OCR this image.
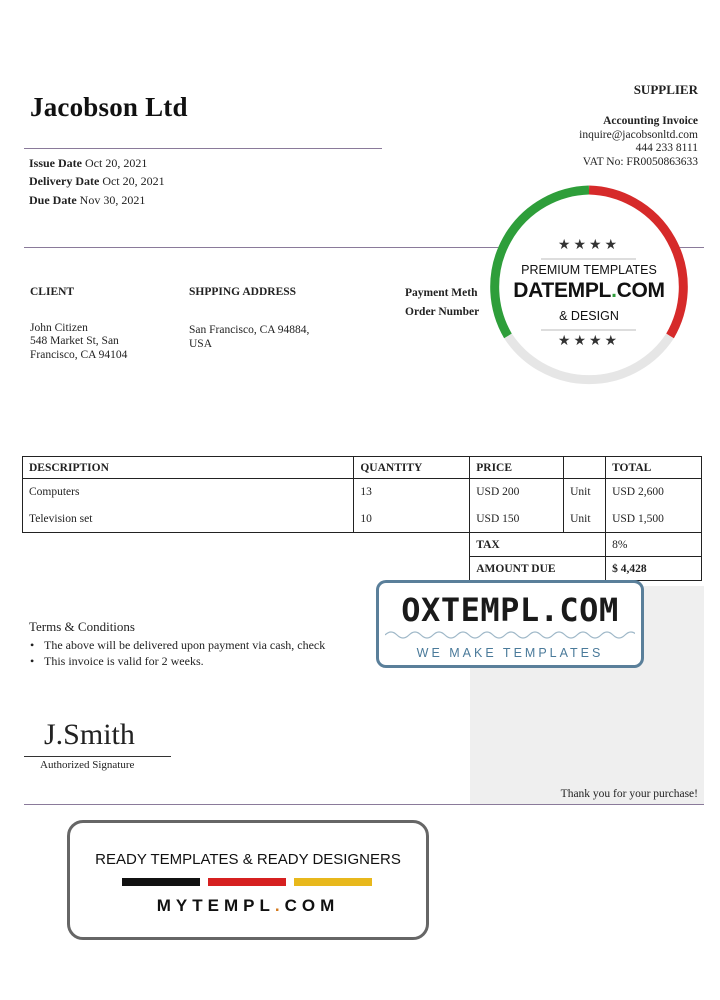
Jacobson Ltd
Issue Date Oct 20, 2021
Delivery Date Oct 20, 2021
Due Date Nov 30, 2021
SUPPLIER
Accounting Invoice
inquire@jacobsonltd.com
444 233 8111
VAT No: FR0050863633
CLIENT
John Citizen
548 Market St, San
Francisco, CA 94104
SHPPING ADDRESS
San Francisco, CA 94884,
USA
Payment Meth
Order Number
DESCRIPTION	QUANTITY	PRICE		TOTAL
Computers	13	USD 200	Unit	USD 2,600
Television set	10	USD 150	Unit	USD 1,500
		TAX		8%
		AMOUNT DUE		$ 4,428
Terms & Conditions
• The above will be delivered upon payment via cash, check
• This invoice is valid for 2 weeks.
J.Smith
Authorized Signature
Thank you for your purchase!
★★★★
PREMIUM TEMPLATES
DATEMPL.COM
& DESIGN
★★★★
OXTEMPL.COM
WE MAKE TEMPLATES
READY TEMPLATES & READY DESIGNERS
MYTEMPL.COM
